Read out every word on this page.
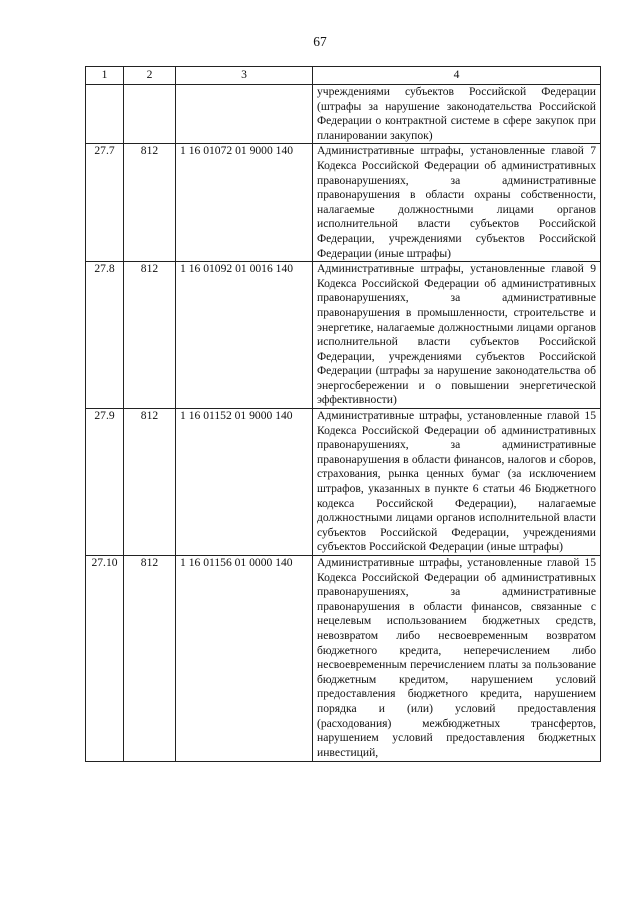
67
1	2	3	4
			учреждениями субъектов Российской Федерации (штрафы за нарушение законодательства Российской Федерации о контрактной системе в сфере закупок при планировании закупок)
27.7	812	1 16 01072 01 9000 140	Административные штрафы, установленные главой 7 Кодекса Российской Федерации об административных правонарушениях, за административные правонарушения в области охраны собственности, налагаемые должностными лицами органов исполнительной власти субъектов Российской Федерации, учреждениями субъектов Российской Федерации (иные штрафы)
27.8	812	1 16 01092 01 0016 140	Административные штрафы, установленные главой 9 Кодекса Российской Федерации об административных правонарушениях, за административные правонарушения в промышленности, строительстве и энергетике, налагаемые должностными лицами органов исполнительной власти субъектов Российской Федерации, учреждениями субъектов Российской Федерации (штрафы за нарушение законодательства об энергосбережении и о повышении энергетической эффективности)
27.9	812	1 16 01152 01 9000 140	Административные штрафы, установленные главой 15 Кодекса Российской Федерации об административных правонарушениях, за административные правонарушения в области финансов, налогов и сборов, страхования, рынка ценных бумаг (за исключением штрафов, указанных в пункте 6 статьи 46 Бюджетного кодекса Российской Федерации), налагаемые должностными лицами органов исполнительной власти субъектов Российской Федерации, учреждениями субъектов Российской Федерации (иные штрафы)
27.10	812	1 16 01156 01 0000 140	Административные штрафы, установленные главой 15 Кодекса Российской Федерации об административных правонарушениях, за административные правонарушения в области финансов, связанные с нецелевым использованием бюджетных средств, невозвратом либо несвоевременным возвратом бюджетного кредита, неперечислением либо несвоевременным перечислением платы за пользование бюджетным кредитом, нарушением условий предоставления бюджетного кредита, нарушением порядка и (или) условий предоставления (расходования) межбюджетных трансфертов, нарушением условий предоставления бюджетных инвестиций,
